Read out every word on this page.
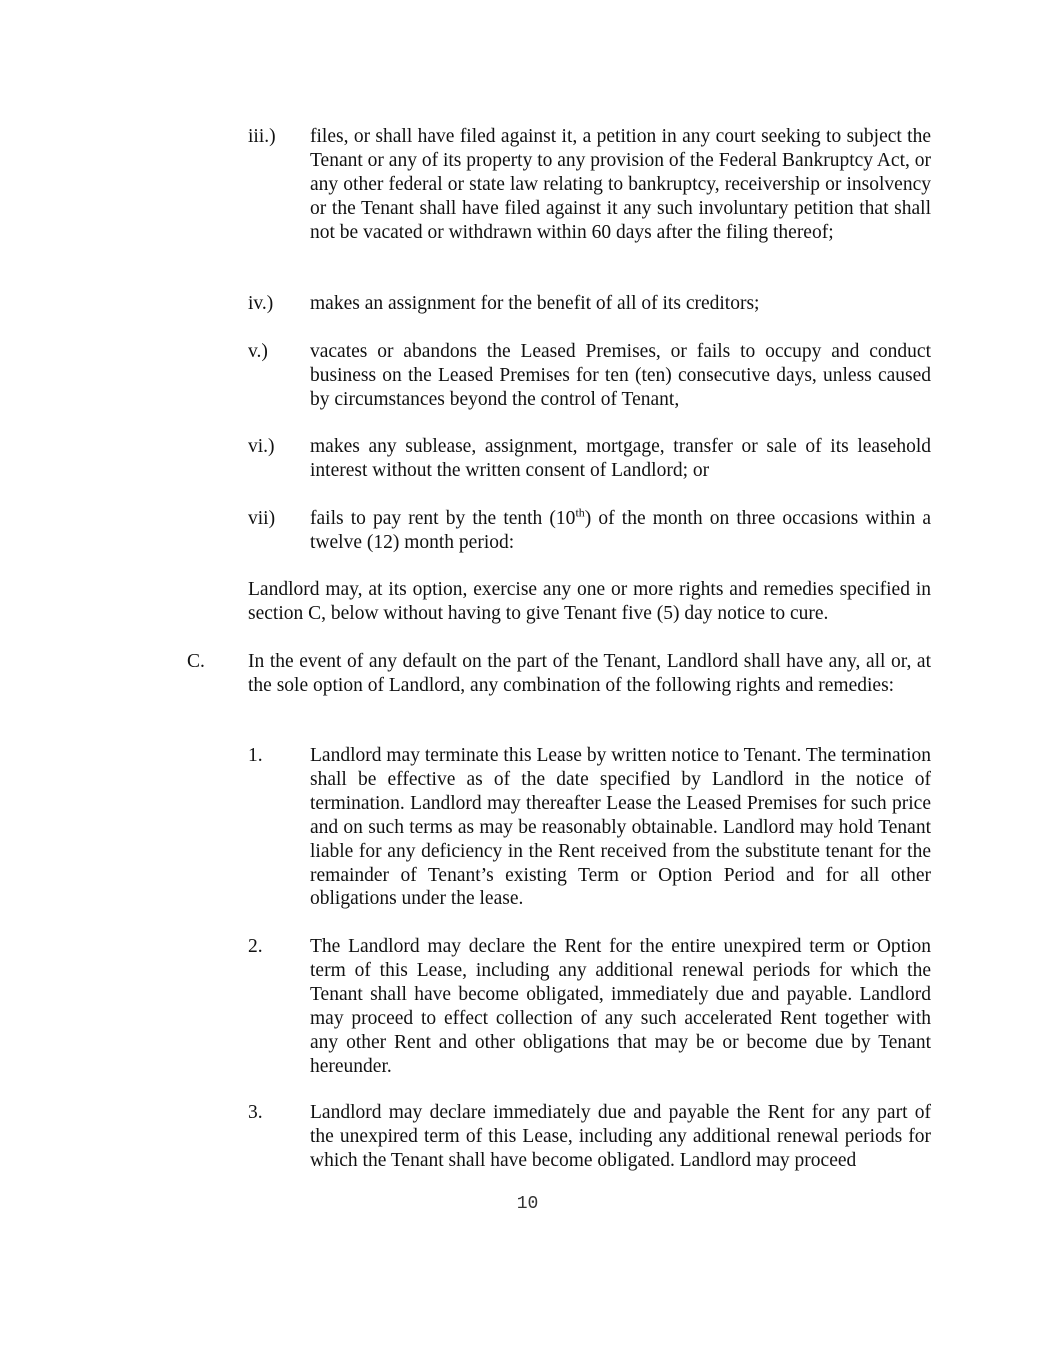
iii.) files, or shall have filed against it, a petition in any court seeking to subject the Tenant or any of its property to any provision of the Federal Bankruptcy Act, or any other federal or state law relating to bankruptcy, receivership or insolvency or the Tenant shall have filed against it any such involuntary petition that shall not be vacated or withdrawn within 60 days after the filing thereof;
iv.) makes an assignment for the benefit of all of its creditors;
v.) vacates or abandons the Leased Premises, or fails to occupy and conduct business on the Leased Premises for ten (ten) consecutive days, unless caused by circumstances beyond the control of Tenant,
vi.) makes any sublease, assignment, mortgage, transfer or sale of its leasehold interest without the written consent of Landlord; or
vii) fails to pay rent by the tenth (10th) of the month on three occasions within a twelve (12) month period:
Landlord may, at its option, exercise any one or more rights and remedies specified in section C, below without having to give Tenant five (5) day notice to cure.
C. In the event of any default on the part of the Tenant, Landlord shall have any, all or, at the sole option of Landlord, any combination of the following rights and remedies:
1. Landlord may terminate this Lease by written notice to Tenant. The termination shall be effective as of the date specified by Landlord in the notice of termination. Landlord may thereafter Lease the Leased Premises for such price and on such terms as may be reasonably obtainable. Landlord may hold Tenant liable for any deficiency in the Rent received from the substitute tenant for the remainder of Tenant’s existing Term or Option Period and for all other obligations under the lease.
2. The Landlord may declare the Rent for the entire unexpired term or Option term of this Lease, including any additional renewal periods for which the Tenant shall have become obligated, immediately due and payable. Landlord may proceed to effect collection of any such accelerated Rent together with any other Rent and other obligations that may be or become due by Tenant hereunder.
3. Landlord may declare immediately due and payable the Rent for any part of the unexpired term of this Lease, including any additional renewal periods for which the Tenant shall have become obligated. Landlord may proceed
10
